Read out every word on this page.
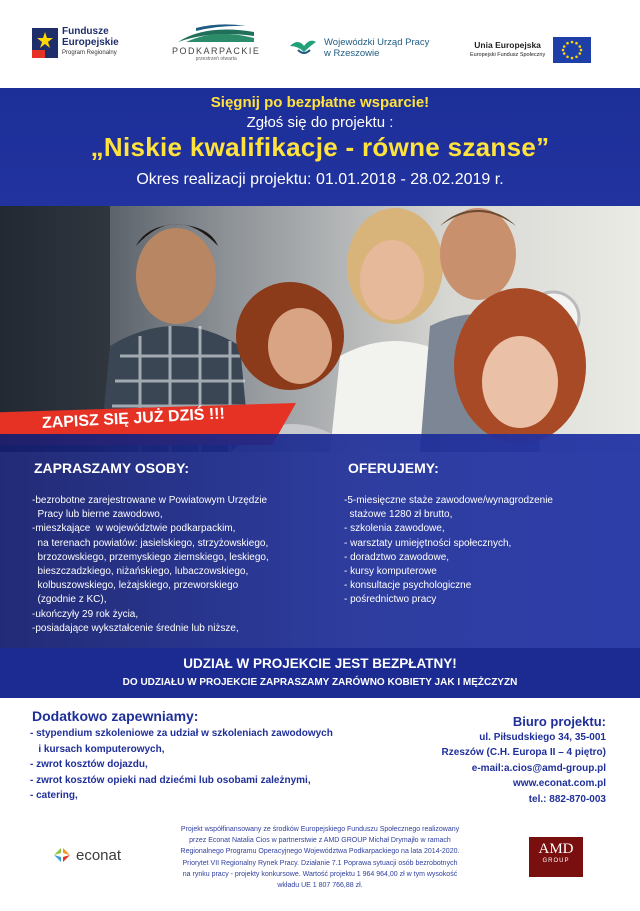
Fundusze
Europejskie
Program Regionalny	PODKARPACKIE
przestrzeń otwarta
Wojewódzki Urząd Pracy
w Rzeszowie
Unia Europejska
Europejski Fundusz Społeczny
Sięgnij po bezpłatne wsparcie!
Zgłoś się do projektu :
„Niskie kwalifikacje - równe szanse”
Okres realizacji projektu: 01.01.2018 - 28.02.2019 r.
ZAPISZ SIĘ JUŻ DZIŚ !!!
ZAPRASZAMY OSOBY:
-bezrobotne zarejestrowane w Powiatowym Urzędzie
Pracy lub bierne zawodowo,
-mieszkające  w województwie podkarpackim,
na terenach powiatów: jasielskiego, strzyżowskiego,
brzozowskiego, przemyskiego ziemskiego, leskiego,
bieszczadzkiego, niżańskiego, lubaczowskiego,
kolbuszowskiego, leżajskiego, przeworskiego
(zgodnie z KC),
-ukończyły 29 rok życia,
-posiadające wykształcenie średnie lub niższe,
OFERUJEMY:
-5-miesięczne staże zawodowe/wynagrodzenie
stażowe 1280 zł brutto,
- szkolenia zawodowe,
- warsztaty umiejętności społecznych,
- doradztwo zawodowe,
- kursy komputerowe
- konsultacje psychologiczne
- pośrednictwo pracy
UDZIAŁ W PROJEKCIE JEST BEZPŁATNY!
DO UDZIAŁU W PROJEKCIE ZAPRASZAMY ZARÓWNO KOBIETY JAK I MĘŻCZYZN
Dodatkowo zapewniamy:
- stypendium szkoleniowe za udział w szkoleniach zawodowych
i kursach komputerowych,
- zwrot kosztów dojazdu,
- zwrot kosztów opieki nad dziećmi lub osobami zależnymi,
- catering,
Biuro projektu:
ul. Piłsudskiego 34, 35-001
Rzeszów (C.H. Europa II – 4 piętro)
e-mail:a.cios@amd-group.pl
www.econat.com.pl
tel.: 882-870-003
econat
Projekt współfinansowany ze środków Europejskiego Funduszu Społecznego realizowany
przez Econat Natalia Cios w partnerstwie z AMD GROUP Michał Drymajło w ramach
Regionalnego Programu Operacyjnego Województwa Podkarpackiego na lata 2014-2020.
Priorytet VII Regionalny Rynek Pracy. Działanie 7.1 Poprawa sytuacji osób bezrobotnych
na rynku pracy - projekty konkursowe. Wartość projektu 1 964 964,00 zł w tym wysokość
wkładu UE 1 807 766,88 zł.
AMD
GROUP
